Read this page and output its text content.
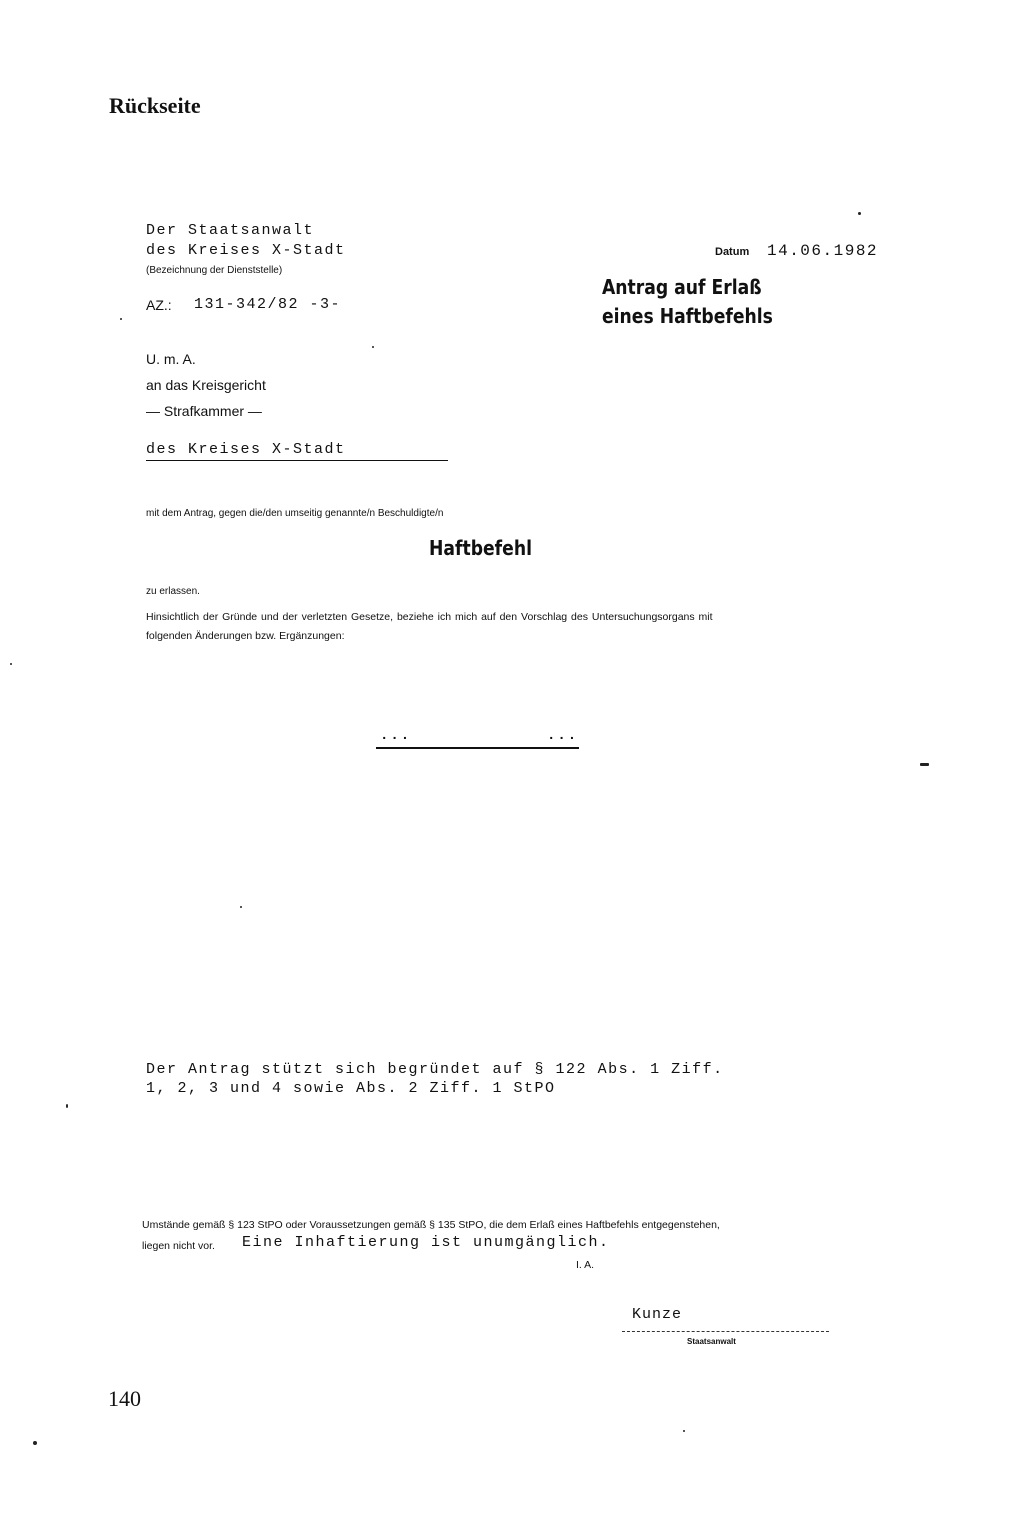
Rückseite
Der Staatsanwalt
des Kreises X-Stadt
(Bezeichnung der Dienststelle)
AZ.: 131-342/82 -3-
Datum 14.06.1982
Antrag auf Erlaß
eines Haftbefehls
U. m. A.
an das Kreisgericht
— Strafkammer —
des Kreises X-Stadt
mit dem Antrag, gegen die/den umseitig genannte/n Beschuldigte/n
Haftbefehl
zu erlassen.
Hinsichtlich der Gründe und der verletzten Gesetze, beziehe ich mich auf den Vorschlag des Untersuchungsorgans mit
folgenden Änderungen bzw. Ergänzungen:
...	...
Der Antrag stützt sich begründet auf § 122 Abs. 1 Ziff.
1, 2, 3 und 4 sowie Abs. 2 Ziff. 1 StPO
Umstände gemäß § 123 StPO oder Voraussetzungen gemäß § 135 StPO, die dem Erlaß eines Haftbefehls entgegenstehen,
liegen nicht vor. Eine Inhaftierung ist unumgänglich.
I. A.
Kunze
Staatsanwalt
140
